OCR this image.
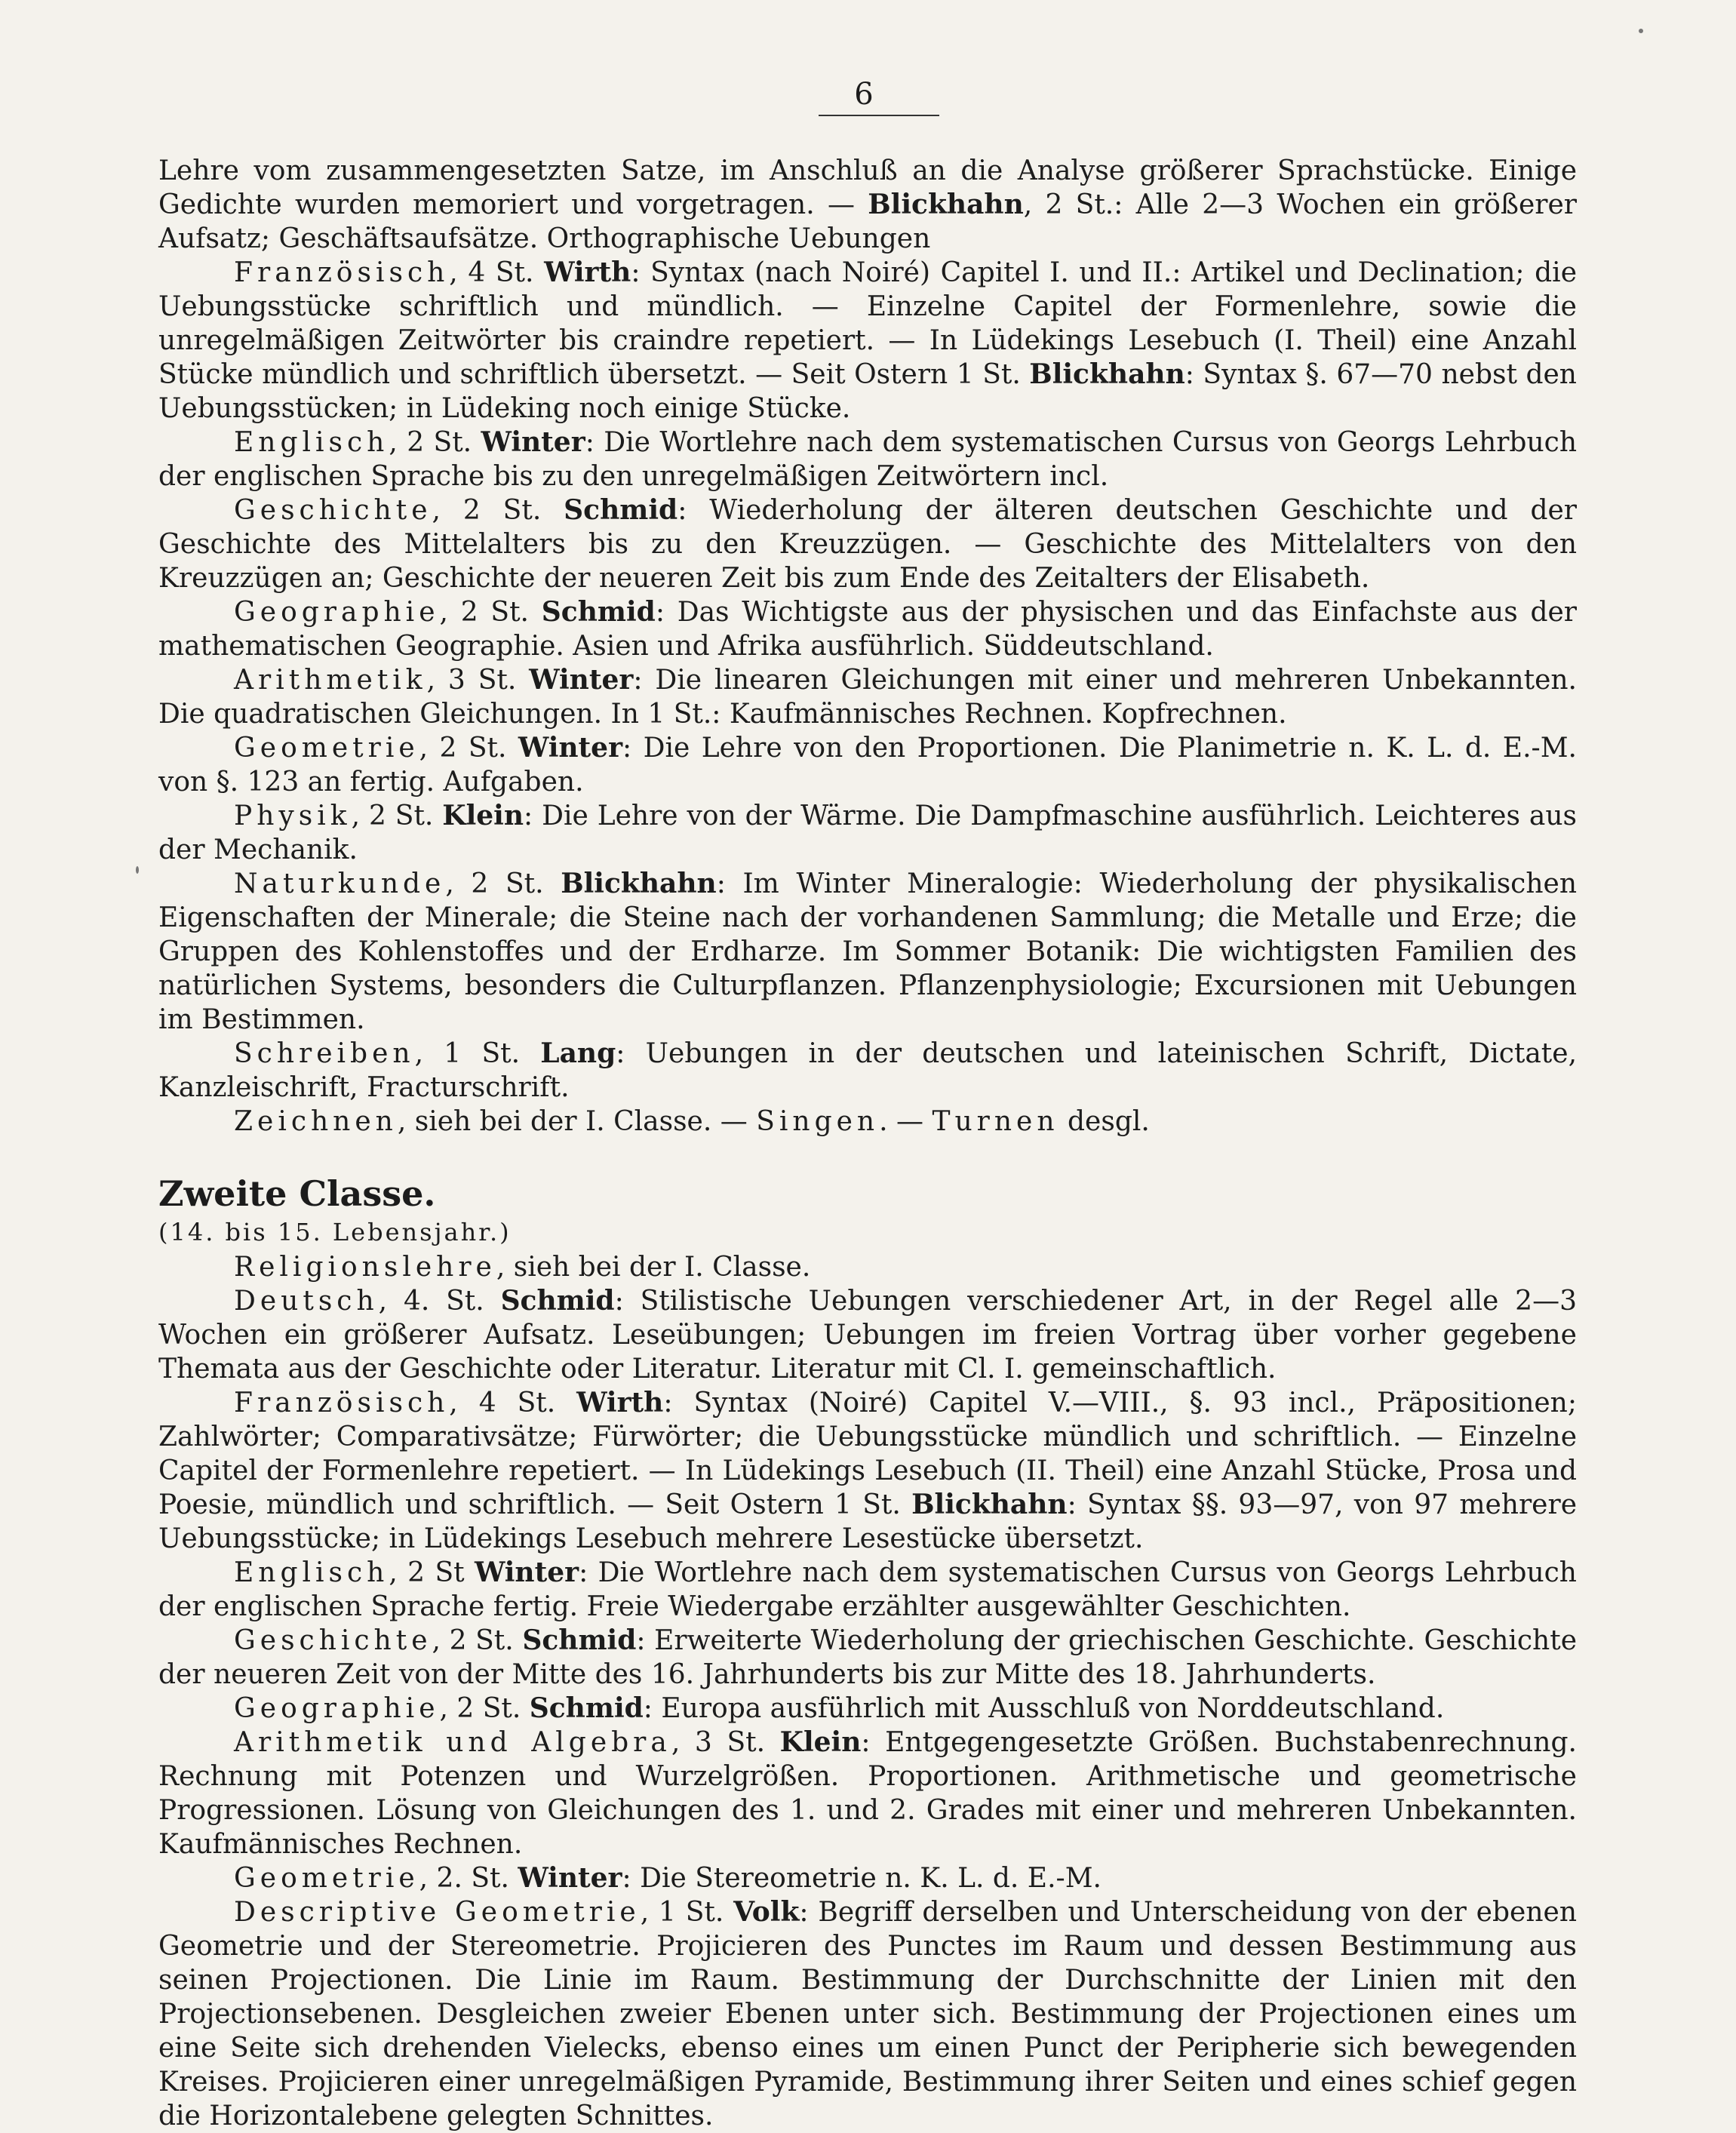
6

Lehre vom zusammengesetzten Satze, im Anschluß an die Analyse größerer Sprachstücke. Einige Gedichte wurden memoriert und vorgetragen. — Blickhahn, 2 St.: Alle 2—3 Wochen ein größerer Aufsatz; Geschäftsaufsätze. Orthographische Uebungen

Französisch, 4 St. Wirth: Syntax (nach Noiré) Capitel I. und II.: Artikel und Declination; die Uebungsstücke schriftlich und mündlich. — Einzelne Capitel der Formenlehre, sowie die unregelmäßigen Zeitwörter bis craindre repetiert. — In Lüdekings Lesebuch (I. Theil) eine Anzahl Stücke mündlich und schriftlich übersetzt. — Seit Ostern 1 St. Blickhahn: Syntax §. 67—70 nebst den Uebungsstücken; in Lüdeking noch einige Stücke.

Englisch, 2 St. Winter: Die Wortlehre nach dem systematischen Cursus von Georgs Lehrbuch der englischen Sprache bis zu den unregelmäßigen Zeitwörtern incl.

Geschichte, 2 St. Schmid: Wiederholung der älteren deutschen Geschichte und der Geschichte des Mittelalters bis zu den Kreuzzügen. — Geschichte des Mittelalters von den Kreuzzügen an; Geschichte der neueren Zeit bis zum Ende des Zeitalters der Elisabeth.

Geographie, 2 St. Schmid: Das Wichtigste aus der physischen und das Einfachste aus der mathematischen Geographie. Asien und Afrika ausführlich. Süddeutschland.

Arithmetik, 3 St. Winter: Die linearen Gleichungen mit einer und mehreren Unbekannten. Die quadratischen Gleichungen. In 1 St.: Kaufmännisches Rechnen. Kopfrechnen.

Geometrie, 2 St. Winter: Die Lehre von den Proportionen. Die Planimetrie n. K. L. d. E.-M. von §. 123 an fertig. Aufgaben.

Physik, 2 St. Klein: Die Lehre von der Wärme. Die Dampfmaschine ausführlich. Leichteres aus der Mechanik.

Naturkunde, 2 St. Blickhahn: Im Winter Mineralogie: Wiederholung der physikalischen Eigenschaften der Minerale; die Steine nach der vorhandenen Sammlung; die Metalle und Erze; die Gruppen des Kohlenstoffes und der Erdharze. Im Sommer Botanik: Die wichtigsten Familien des natürlichen Systems, besonders die Culturpflanzen. Pflanzenphysiologie; Excursionen mit Uebungen im Bestimmen.

Schreiben, 1 St. Lang: Uebungen in der deutschen und lateinischen Schrift, Dictate, Kanzleischrift, Fracturschrift.

Zeichnen, sieh bei der I. Classe. — Singen. — Turnen desgl.

Zweite Classe.
(14. bis 15. Lebensjahr.)

Religionslehre, sieh bei der I. Classe.

Deutsch, 4. St. Schmid: Stilistische Uebungen verschiedener Art, in der Regel alle 2—3 Wochen ein größerer Aufsatz. Leseübungen; Uebungen im freien Vortrag über vorher gegebene Themata aus der Geschichte oder Literatur. Literatur mit Cl. I. gemeinschaftlich.

Französisch, 4 St. Wirth: Syntax (Noiré) Capitel V.—VIII., §. 93 incl., Präpositionen; Zahlwörter; Comparativsätze; Fürwörter; die Uebungsstücke mündlich und schriftlich. — Einzelne Capitel der Formenlehre repetiert. — In Lüdekings Lesebuch (II. Theil) eine Anzahl Stücke, Prosa und Poesie, mündlich und schriftlich. — Seit Ostern 1 St. Blickhahn: Syntax §§. 93—97, von 97 mehrere Uebungsstücke; in Lüdekings Lesebuch mehrere Lesestücke übersetzt.

Englisch, 2 St Winter: Die Wortlehre nach dem systematischen Cursus von Georgs Lehrbuch der englischen Sprache fertig. Freie Wiedergabe erzählter ausgewählter Geschichten.

Geschichte, 2 St. Schmid: Erweiterte Wiederholung der griechischen Geschichte. Geschichte der neueren Zeit von der Mitte des 16. Jahrhunderts bis zur Mitte des 18. Jahrhunderts.

Geographie, 2 St. Schmid: Europa ausführlich mit Ausschluß von Norddeutschland.

Arithmetik und Algebra, 3 St. Klein: Entgegengesetzte Größen. Buchstabenrechnung. Rechnung mit Potenzen und Wurzelgrößen. Proportionen. Arithmetische und geometrische Progressionen. Lösung von Gleichungen des 1. und 2. Grades mit einer und mehreren Unbekannten. Kaufmännisches Rechnen.

Geometrie, 2. St. Winter: Die Stereometrie n. K. L. d. E.-M.

Descriptive Geometrie, 1 St. Volk: Begriff derselben und Unterscheidung von der ebenen Geometrie und der Stereometrie. Projicieren des Punctes im Raum und dessen Bestimmung aus seinen Projectionen. Die Linie im Raum. Bestimmung der Durchschnitte der Linien mit den Projectionsebenen. Desgleichen zweier Ebenen unter sich. Bestimmung der Projectionen eines um eine Seite sich drehenden Vielecks, ebenso eines um einen Punct der Peripherie sich bewegenden Kreises. Projicieren einer unregelmäßigen Pyramide, Bestimmung ihrer Seiten und eines schief gegen die Horizontalebene gelegten Schnittes.
